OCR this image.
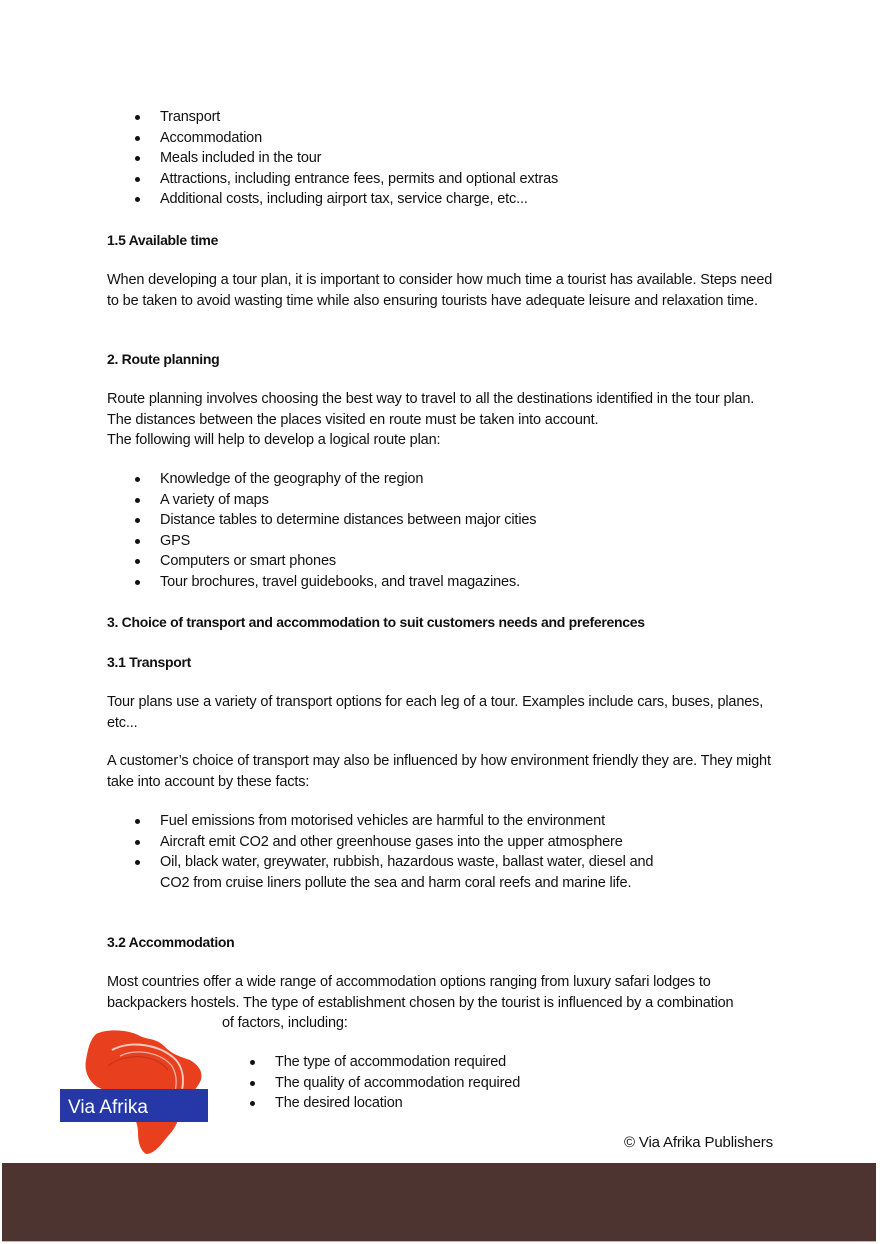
Transport
Accommodation
Meals included in the tour
Attractions, including entrance fees, permits and optional extras
Additional costs, including airport tax, service charge, etc...
1.5 Available time
When developing a tour plan, it is important to consider how much time a tourist has available. Steps need to be taken to avoid wasting time while also ensuring tourists have adequate leisure and relaxation time.
2. Route planning

Route planning involves choosing the best way to travel to all the destinations identified in the tour plan. The distances between the places visited en route must be taken into account.

The following will help to develop a logical route plan:

Knowledge of the geography of the region
A variety of maps
Distance tables to determine distances between major cities
GPS
Computers or smart phones
Tour brochures, travel guidebooks, and travel magazines.
3. Choice of transport and accommodation to suit customers needs and preferences
3.1 Transport
Tour plans use a variety of transport options for each leg of a tour. Examples include cars, buses, planes, etc...
A customer’s choice of transport may also be influenced by how environment friendly they are. They might take into account by these facts:
Fuel emissions from motorised vehicles are harmful to the environment
Aircraft emit CO2 and other greenhouse gases into the upper atmosphere
Oil, black water, greywater, rubbish, hazardous waste, ballast water, diesel and CO2 from cruise liners pollute the sea and harm coral reefs and marine life.
3.2 Accommodation

Most countries offer a wide range of accommodation options ranging from luxury safari lodges to backpackers hostels. The type of establishment chosen by the tourist is influenced by a combination

of factors, including:

The type of accommodation required
The quality of accommodation required
The desired location
Via Afrika
© Via Afrika Publishers
